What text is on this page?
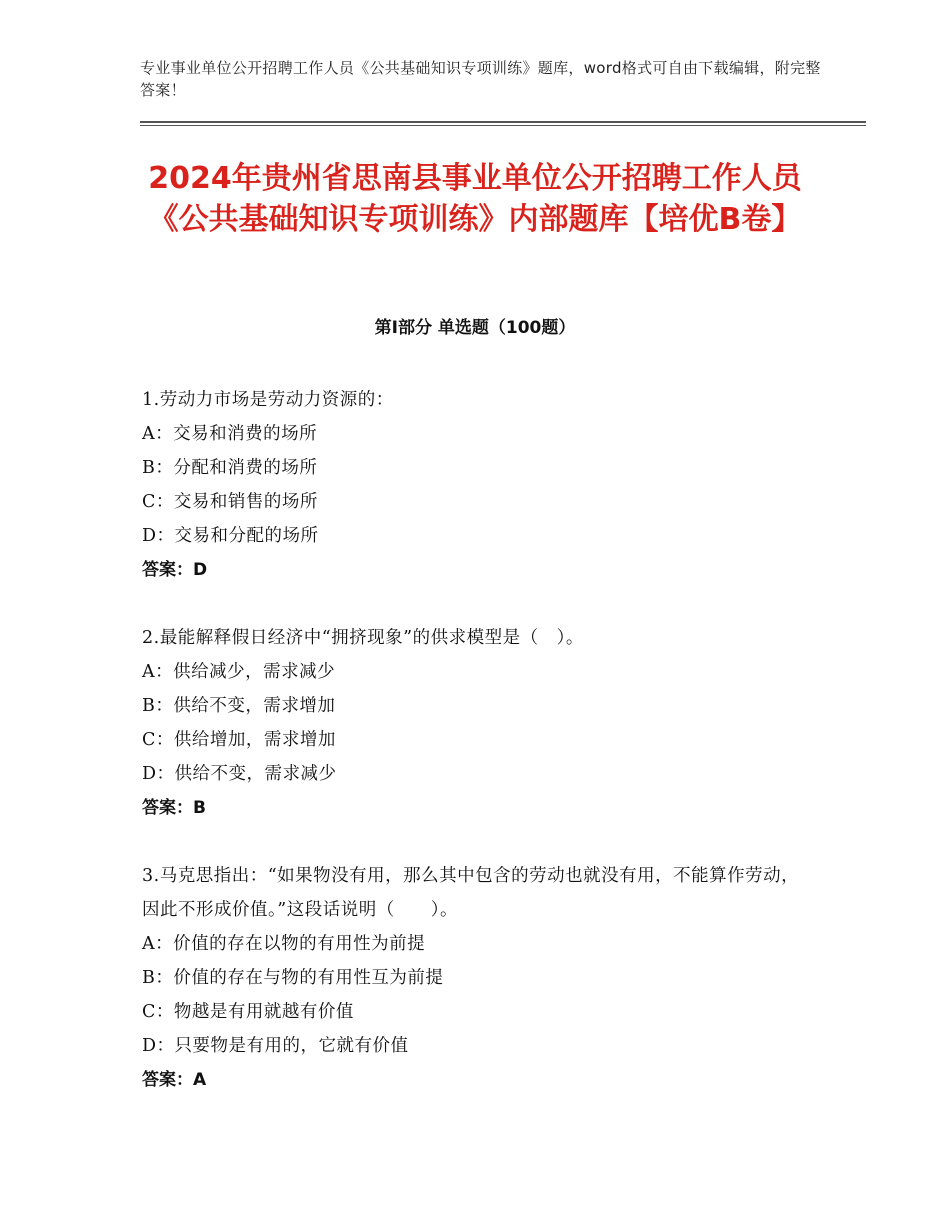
专业事业单位公开招聘工作人员《公共基础知识专项训练》题库，word格式可自由下载编辑，附完整答案！
2024年贵州省思南县事业单位公开招聘工作人员《公共基础知识专项训练》内部题库【培优B卷】
第Ⅰ部分 单选题（100题）
1.劳动力市场是劳动力资源的：
A：交易和消费的场所
B：分配和消费的场所
C：交易和销售的场所
D：交易和分配的场所
答案：D
2.最能解释假日经济中“拥挤现象”的供求模型是（　）。
A：供给减少，需求减少
B：供给不变，需求增加
C：供给增加，需求增加
D：供给不变，需求减少
答案：B
3.马克思指出：“如果物没有用，那么其中包含的劳动也就没有用，不能算作劳动，因此不形成价值。”这段话说明（　　）。
A：价值的存在以物的有用性为前提
B：价值的存在与物的有用性互为前提
C：物越是有用就越有价值
D：只要物是有用的，它就有价值
答案：A
